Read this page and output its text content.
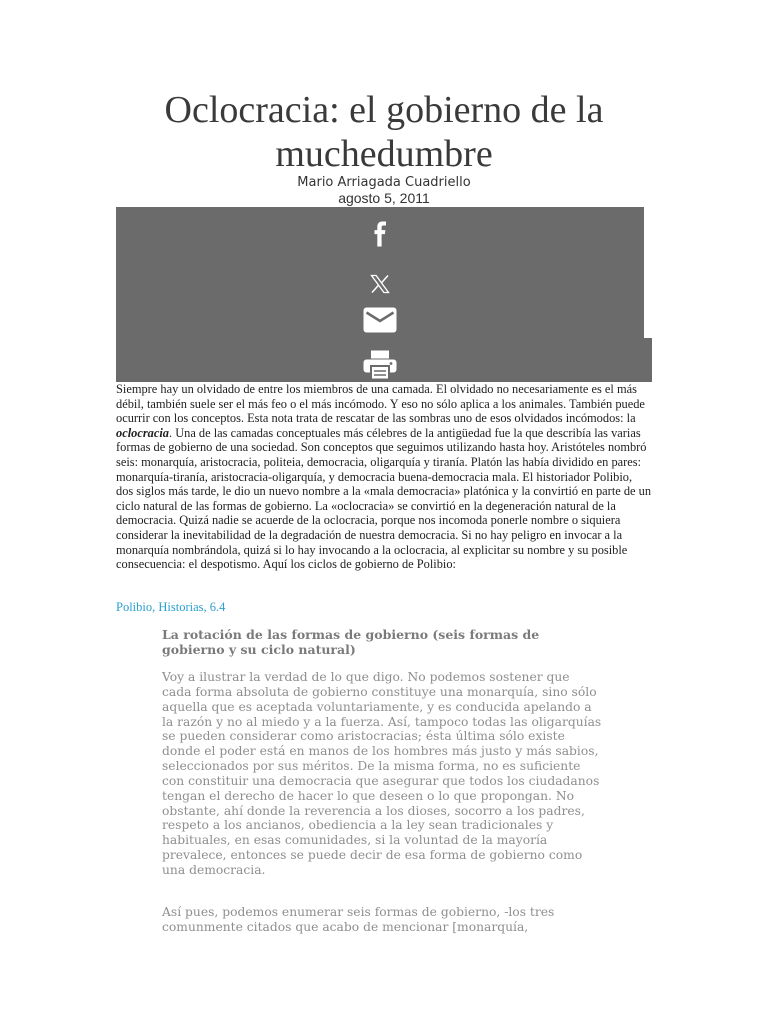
Oclocracia: el gobierno de la muchedumbre
Mario Arriagada Cuadriello
agosto 5, 2011

Siempre hay un olvidado de entre los miembros de una camada. El olvidado no necesariamente es el más débil, también suele ser el más feo o el más incómodo. Y eso no sólo aplica a los animales. También puede ocurrir con los conceptos. Esta nota trata de rescatar de las sombras uno de esos olvidados incómodos: la oclocracia. Una de las camadas conceptuales más célebres de la antigüedad fue la que describía las varias formas de gobierno de una sociedad. Son conceptos que seguimos utilizando hasta hoy. Aristóteles nombró seis: monarquía, aristocracia, politeia, democracia, oligarquía y tiranía. Platón las había dividido en pares: monarquía-tiranía, aristocracia-oligarquía, y democracia buena-democracia mala. El historiador Polibio, dos siglos más tarde, le dio un nuevo nombre a la «mala democracia» platónica y la convirtió en parte de un ciclo natural de las formas de gobierno. La «oclocracia» se convirtió en la degeneración natural de la democracia. Quizá nadie se acuerde de la oclocracia, porque nos incomoda ponerle nombre o siquiera considerar la inevitabilidad de la degradación de nuestra democracia. Si no hay peligro en invocar a la monarquía nombrándola, quizá si lo hay invocando a la oclocracia, al explicitar su nombre y su posible consecuencia: el despotismo. Aquí los ciclos de gobierno de Polibio:

Polibio, Historias, 6.4
La rotación de las formas de gobierno (seis formas de gobierno y su ciclo natural)

Voy a ilustrar la verdad de lo que digo. No podemos sostener que cada forma absoluta de gobierno constituye una monarquía, sino sólo aquella que es aceptada voluntariamente, y es conducida apelando a la razón y no al miedo y a la fuerza. Así, tampoco todas las oligarquías se pueden considerar como aristocracias; ésta última sólo existe donde el poder está en manos de los hombres más justo y más sabios, seleccionados por sus méritos. De la misma forma, no es suficiente con constituir una democracia que asegurar que todos los ciudadanos tengan el derecho de hacer lo que deseen o lo que propongan. No obstante, ahí donde la reverencia a los dioses, socorro a los padres, respeto a los ancianos, obediencia a la ley sean tradicionales y habituales, en esas comunidades, si la voluntad de la mayoría prevalece, entonces se puede decir de esa forma de gobierno como una democracia.

Así pues, podemos enumerar seis formas de gobierno, -los tres comunmente citados que acabo de mencionar [monarquía,
